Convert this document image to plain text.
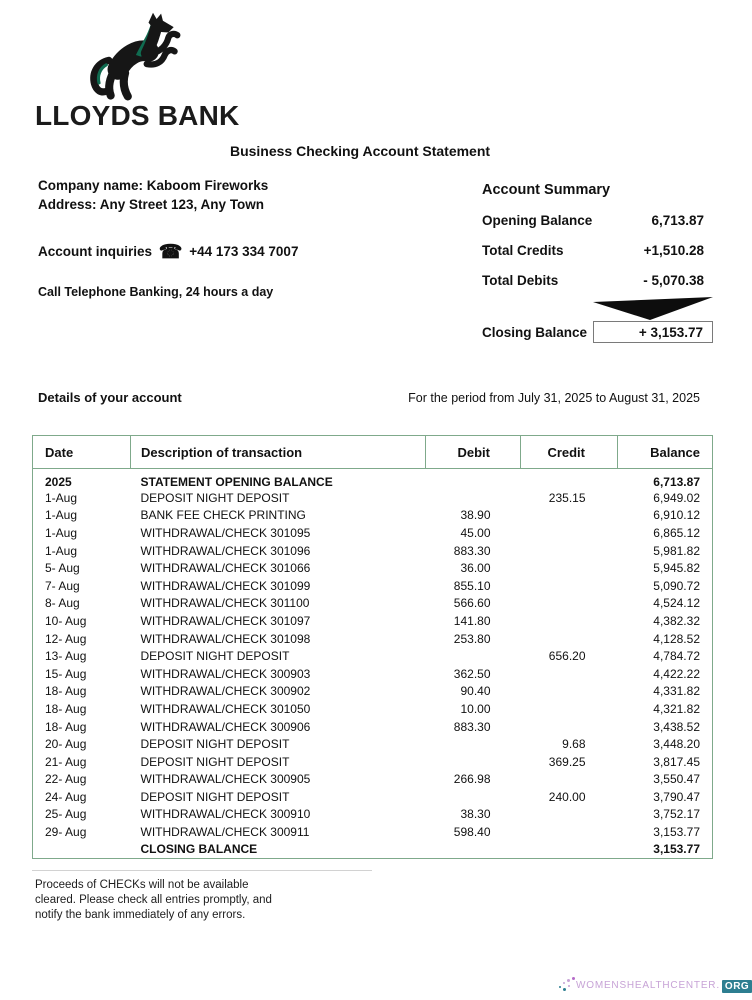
LLOYDS BANK
Business Checking Account Statement
Company name: Kaboom Fireworks
Address: Any Street 123, Any Town
Account inquiries ☎ +44 173 334 7007
Call Telephone Banking, 24 hours a day
Account Summary
Opening Balance	6,713.87
Total Credits	+1,510.28
Total Debits	- 5,070.38
Closing Balance	+ 3,153.77
Details of your account	For the period from July 31, 2025 to August 31, 2025
Date	Description of transaction	Debit	Credit	Balance
2025	STATEMENT OPENING BALANCE			6,713.87
1-Aug	DEPOSIT NIGHT DEPOSIT		235.15	6,949.02
1-Aug	BANK FEE CHECK PRINTING	38.90		6,910.12
1-Aug	WITHDRAWAL/CHECK 301095	45.00		6,865.12
1-Aug	WITHDRAWAL/CHECK 301096	883.30		5,981.82
5- Aug	WITHDRAWAL/CHECK 301066	36.00		5,945.82
7- Aug	WITHDRAWAL/CHECK 301099	855.10		5,090.72
8- Aug	WITHDRAWAL/CHECK 301100	566.60		4,524.12
10- Aug	WITHDRAWAL/CHECK 301097	141.80		4,382.32
12- Aug	WITHDRAWAL/CHECK 301098	253.80		4,128.52
13- Aug	DEPOSIT NIGHT DEPOSIT		656.20	4,784.72
15- Aug	WITHDRAWAL/CHECK 300903	362.50		4,422.22
18- Aug	WITHDRAWAL/CHECK 300902	90.40		4,331.82
18- Aug	WITHDRAWAL/CHECK 301050	10.00		4,321.82
18- Aug	WITHDRAWAL/CHECK 300906	883.30		3,438.52
20- Aug	DEPOSIT NIGHT DEPOSIT		9.68	3,448.20
21- Aug	DEPOSIT NIGHT DEPOSIT		369.25	3,817.45
22- Aug	WITHDRAWAL/CHECK 300905	266.98		3,550.47
24- Aug	DEPOSIT NIGHT DEPOSIT		240.00	3,790.47
25- Aug	WITHDRAWAL/CHECK 300910	38.30		3,752.17
29- Aug	WITHDRAWAL/CHECK 300911	598.40		3,153.77
	CLOSING BALANCE			3,153.77
Proceeds of CHECKs will not be available
cleared. Please check all entries promptly, and
notify the bank immediately of any errors.
WOMENSHEALTHCENTER. ORG
